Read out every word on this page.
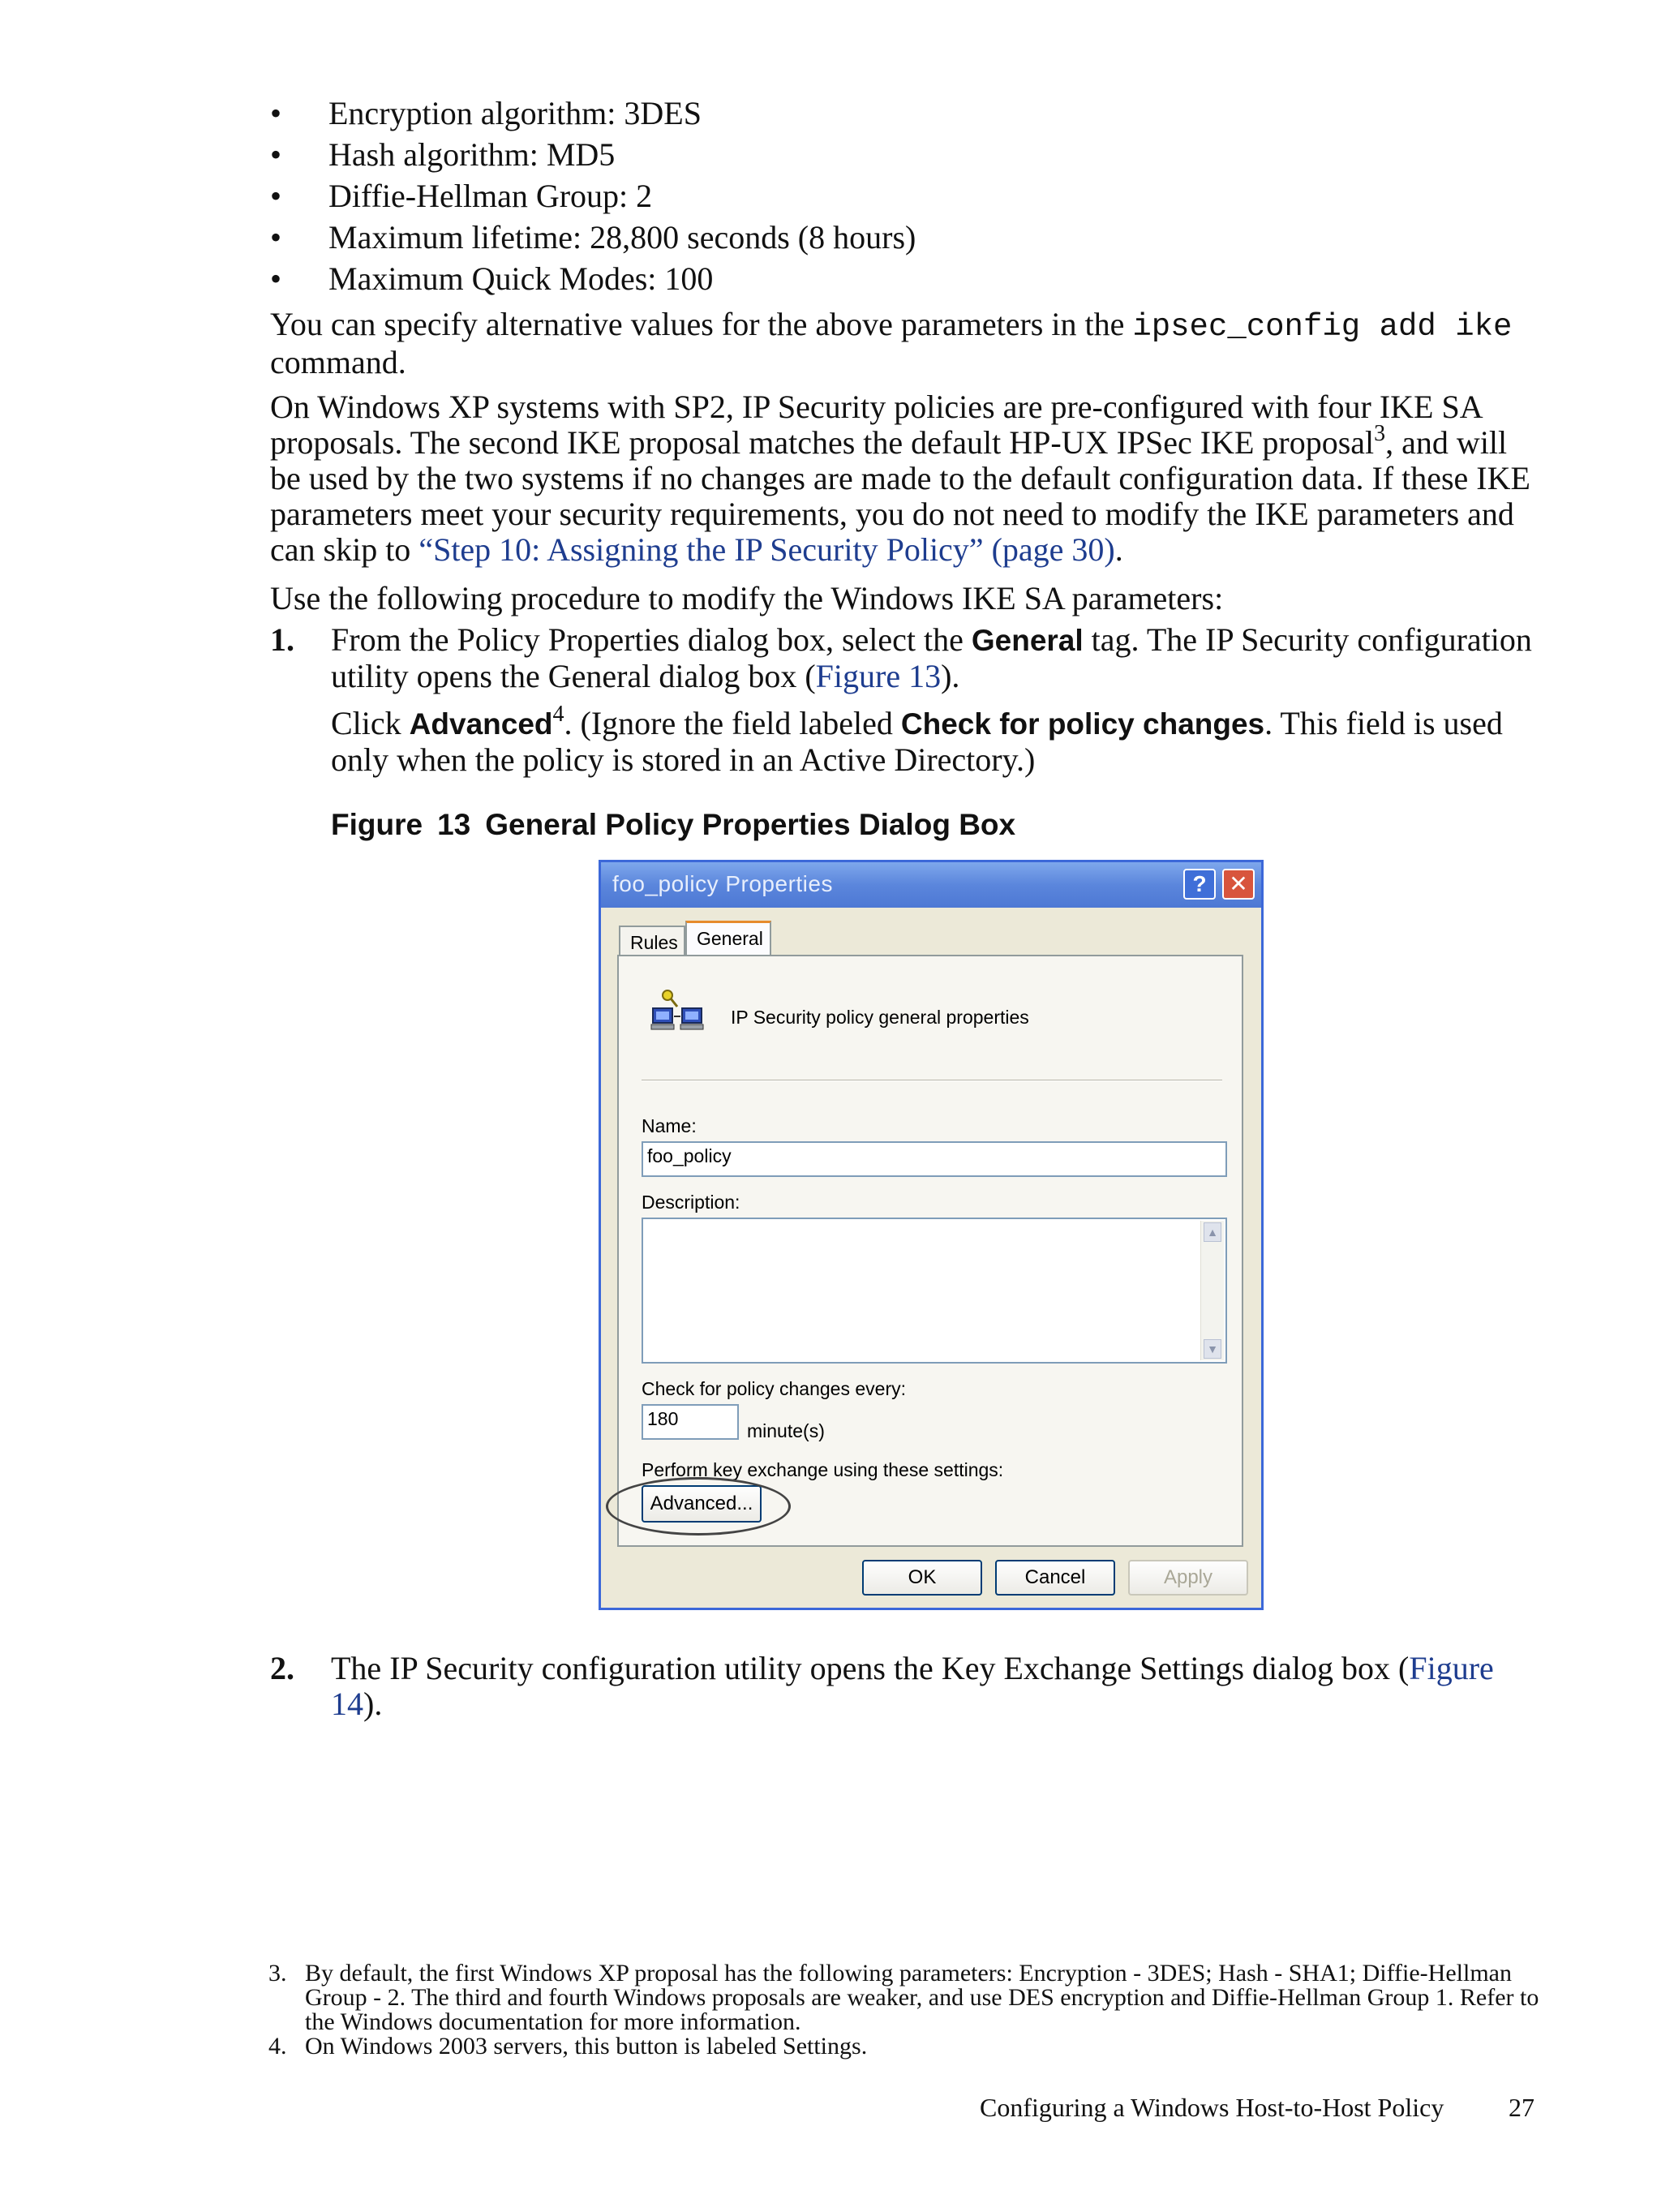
• Encryption algorithm: 3DES
• Hash algorithm: MD5
• Diffie-Hellman Group: 2
• Maximum lifetime: 28,800 seconds (8 hours)
• Maximum Quick Modes: 100

You can specify alternative values for the above parameters in the ipsec_config add ike
command.

On Windows XP systems with SP2, IP Security policies are pre-configured with four IKE SA proposals. The second IKE proposal matches the default HP-UX IPSec IKE proposal$^3$, and will be used by the two systems if no changes are made to the default configuration data. If these IKE parameters meet your security requirements, you do not need to modify the IKE parameters and can skip to “Step 10: Assigning the IP Security Policy” (page 30).

Use the following procedure to modify the Windows IKE SA parameters:

1. From the Policy Properties dialog box, select the General tag. The IP Security configuration utility opens the General dialog box (Figure 13).
Click Advanced$^4$. (Ignore the field labeled Check for policy changes. This field is used only when the policy is stored in an Active Directory.)
Figure 13 General Policy Properties Dialog Box
foo_policy Properties	? ✕
Rules	General
IP Security policy general properties
Name:
foo_policy
Description:
▲
▼
Check for policy changes every:
180
minute(s)
Perform key exchange using these settings:
Advanced...
OK	Cancel	Apply
2. The IP Security configuration utility opens the Key Exchange Settings dialog box (Figure 14).
3. By default, the first Windows XP proposal has the following parameters: Encryption - 3DES; Hash - SHA1; Diffie-Hellman Group - 2. The third and fourth Windows proposals are weaker, and use DES encryption and Diffie-Hellman Group 1. Refer to the Windows documentation for more information.
4. On Windows 2003 servers, this button is labeled Settings.
Configuring a Windows Host-to-Host Policy 27
